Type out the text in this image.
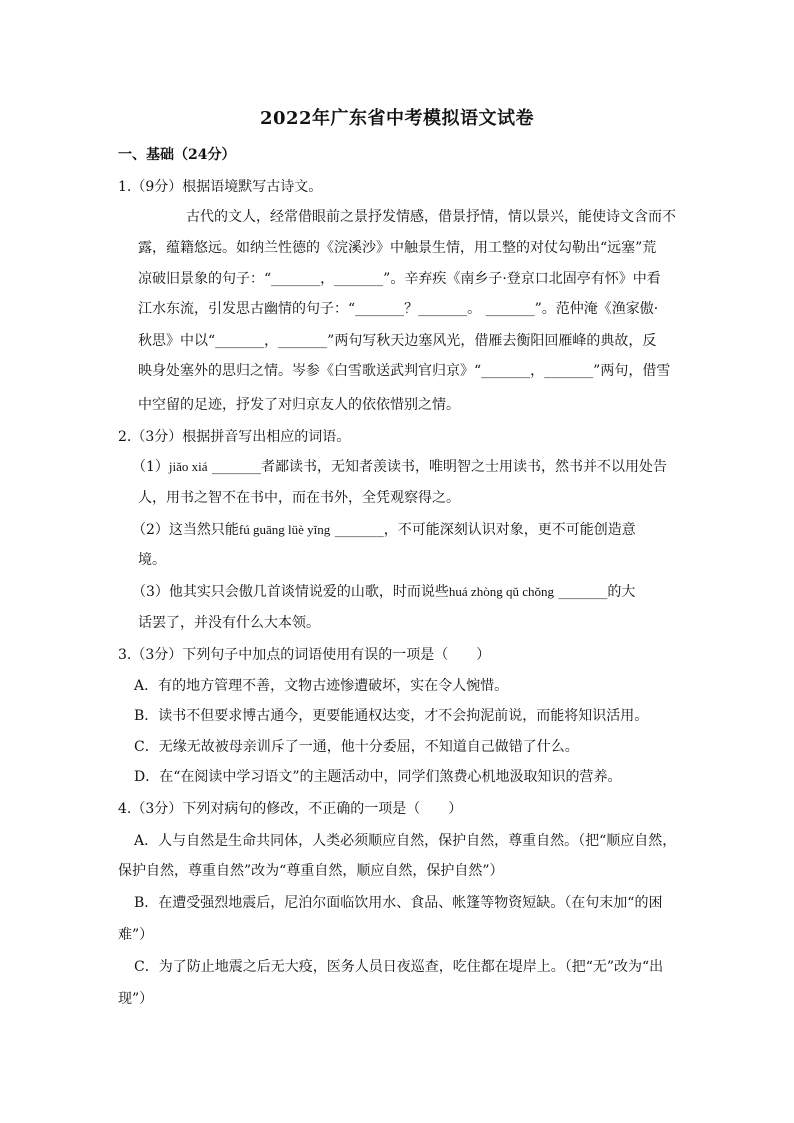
2022年广东省中考模拟语文试卷
一、基础（24分）
1.（9分）根据语境默写古诗文。
古代的文人，经常借眼前之景抒发情感，借景抒情，情以景兴，能使诗文含而不
露，蕴籍悠远。如纳兰性德的《浣溪沙》中触景生情，用工整的对仗勾勒出“远塞”荒
凉破旧景象的句子：“_______，_______”。辛弃疾《南乡子·登京口北固亭有怀》中看
江水东流，引发思古幽情的句子：“_______？_______。 _______”。范仲淹《渔家傲·
秋思》中以“_______，_______”两句写秋天边塞风光，借雁去衡阳回雁峰的典故，反
映身处塞外的思归之情。岑参《白雪歌送武判官归京》“_______，_______”两句，借雪
中空留的足迹，抒发了对归京友人的依依惜别之情。
2.（3分）根据拼音写出相应的词语。
（1）jiǎo xiá _______者鄙读书，无知者羡读书，唯明智之士用读书，然书并不以用处告
人，用书之智不在书中，而在书外，全凭观察得之。
（2）这当然只能fú guāng lüè yǐng _______，不可能深刻认识对象，更不可能创造意
境。
（3）他其实只会傲几首谈情说爱的山歌，时而说些huá zhòng qǔ chǒng _______的大
话罢了，并没有什么大本领。
3.（3分）下列句子中加点的词语使用有误的一项是（　　）
A．有的地方管理不善，文物古迹惨遭破坏，实在令人惋惜。
B．读书不但要求博古通今，更要能通权达变，才不会拘泥前说，而能将知识活用。
C．无缘无故被母亲训斥了一通，他十分委屈，不知道自己做错了什么。
D．在“在阅读中学习语文”的主题活动中，同学们煞费心机地汲取知识的营养。
4.（3分）下列对病句的修改，不正确的一项是（　　）
A．人与自然是生命共同体，人类必须顺应自然，保护自然，尊重自然。（把“顺应自然，
保护自然，尊重自然”改为“尊重自然，顺应自然，保护自然”）
B．在遭受强烈地震后，尼泊尔面临饮用水、食品、帐篷等物资短缺。（在句末加“的困
难”）
C．为了防止地震之后无大疫，医务人员日夜巡查，吃住都在堤岸上。（把“无”改为“出
现”）
